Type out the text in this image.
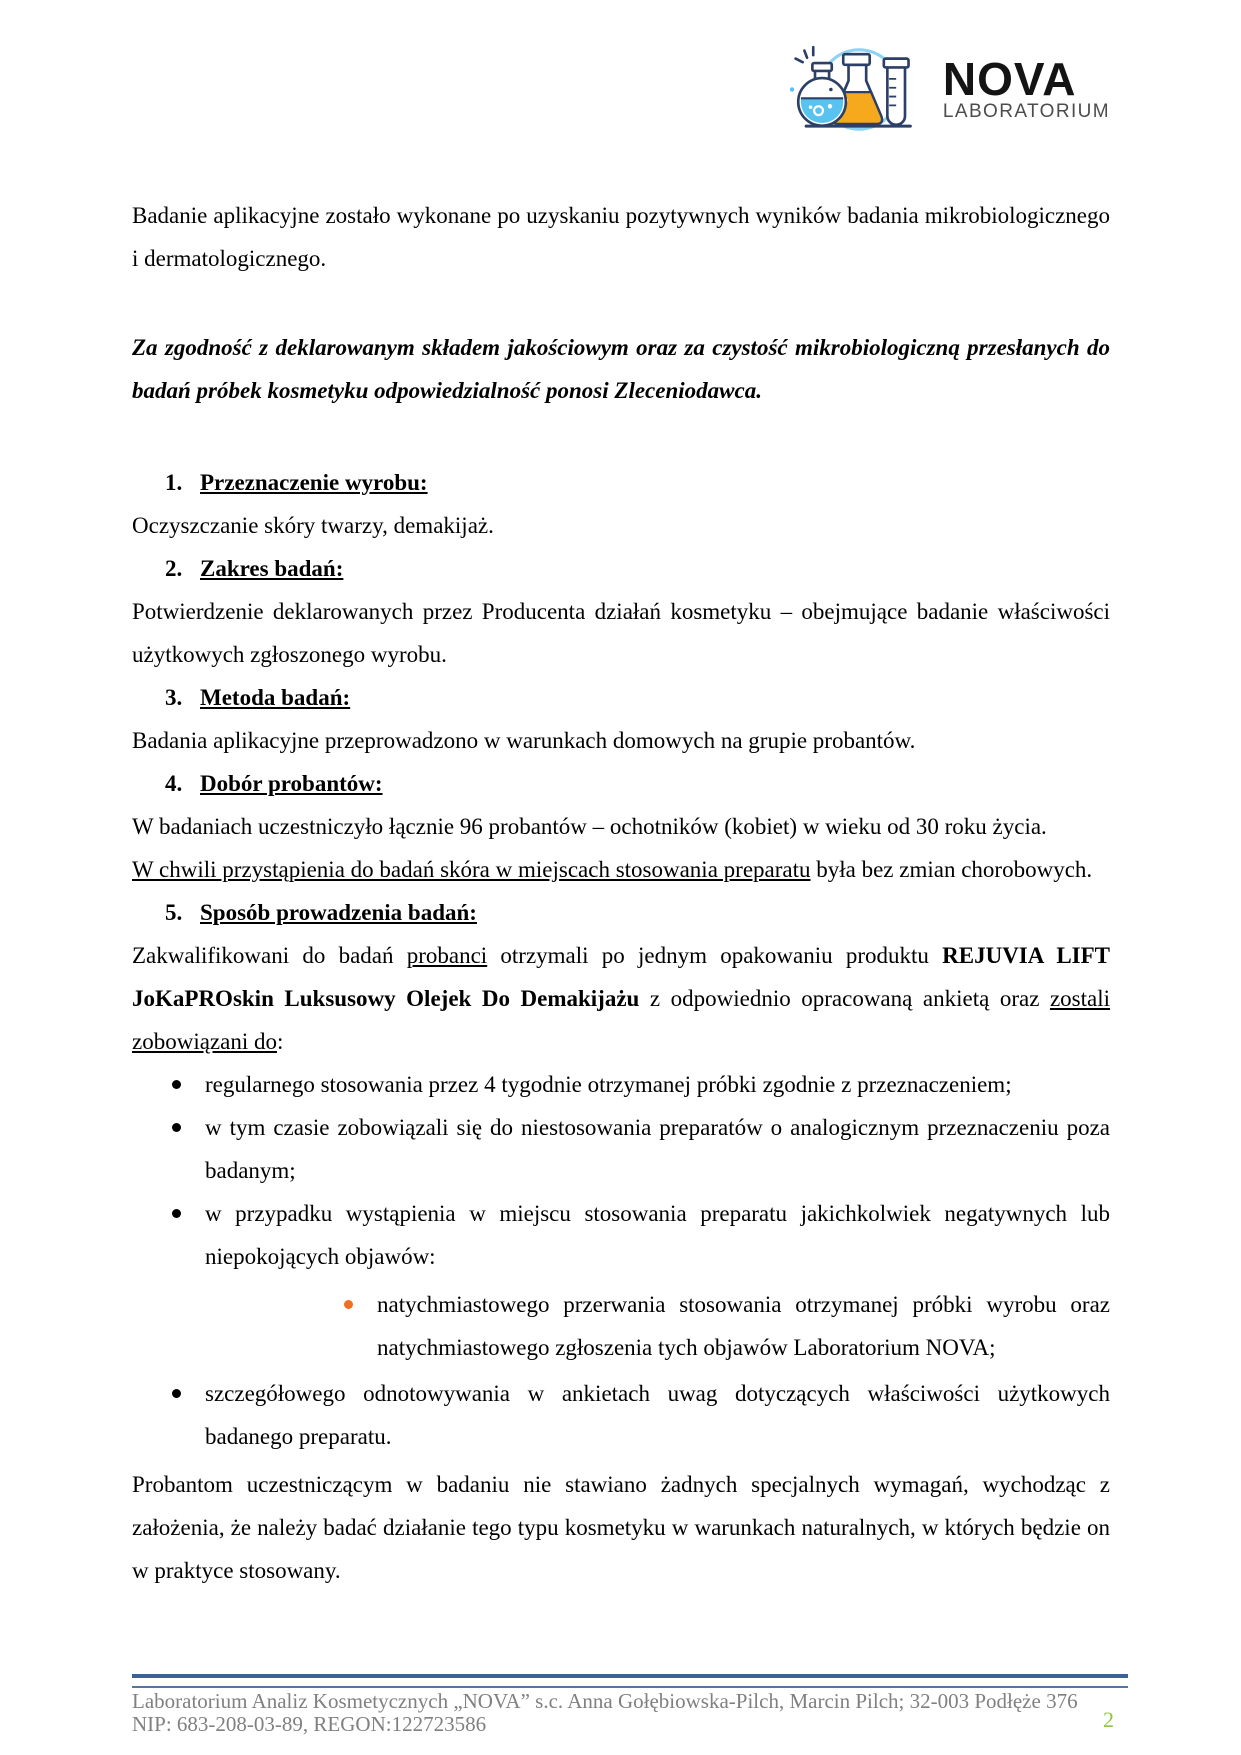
NOVA
LABORATORIUM

Badanie aplikacyjne zostało wykonane po uzyskaniu pozytywnych wyników badania mikrobiologicznego i dermatologicznego.

Za zgodność z deklarowanym składem jakościowym oraz za czystość mikrobiologiczną przesłanych do badań próbek kosmetyku odpowiedzialność ponosi Zleceniodawca.

1. Przeznaczenie wyrobu:

Oczyszczanie skóry twarzy, demakijaż.

2. Zakres badań:

Potwierdzenie deklarowanych przez Producenta działań kosmetyku – obejmujące badanie właściwości użytkowych zgłoszonego wyrobu.

3. Metoda badań:

Badania aplikacyjne przeprowadzono w warunkach domowych na grupie probantów.

4. Dobór probantów:

W badaniach uczestniczyło łącznie 96 probantów – ochotników (kobiet) w wieku od 30 roku życia.

W chwili przystąpienia do badań skóra w miejscach stosowania preparatu była bez zmian chorobowych.

5. Sposób prowadzenia badań:

Zakwalifikowani do badań probanci otrzymali po jednym opakowaniu produktu REJUVIA LIFT JoKaPROskin Luksusowy Olejek Do Demakijażu z odpowiednio opracowaną ankietą oraz zostali zobowiązani do:

regularnego stosowania przez 4 tygodnie otrzymanej próbki zgodnie z przeznaczeniem;
w tym czasie zobowiązali się do niestosowania preparatów o analogicznym przeznaczeniu poza badanym;
w przypadku wystąpienia w miejscu stosowania preparatu jakichkolwiek negatywnych lub niepokojących objawów:
natychmiastowego przerwania stosowania otrzymanej próbki wyrobu oraz natychmiastowego zgłoszenia tych objawów Laboratorium NOVA;
szczegółowego odnotowywania w ankietach uwag dotyczących właściwości użytkowych badanego preparatu.

Probantom uczestniczącym w badaniu nie stawiano żadnych specjalnych wymagań, wychodząc z założenia, że należy badać działanie tego typu kosmetyku w warunkach naturalnych, w których będzie on w praktyce stosowany.

Laboratorium Analiz Kosmetycznych „NOVA” s.c. Anna Gołębiowska-Pilch, Marcin Pilch; 32-003 Podłęże 376
NIP: 683-208-03-89, REGON:122723586	2
